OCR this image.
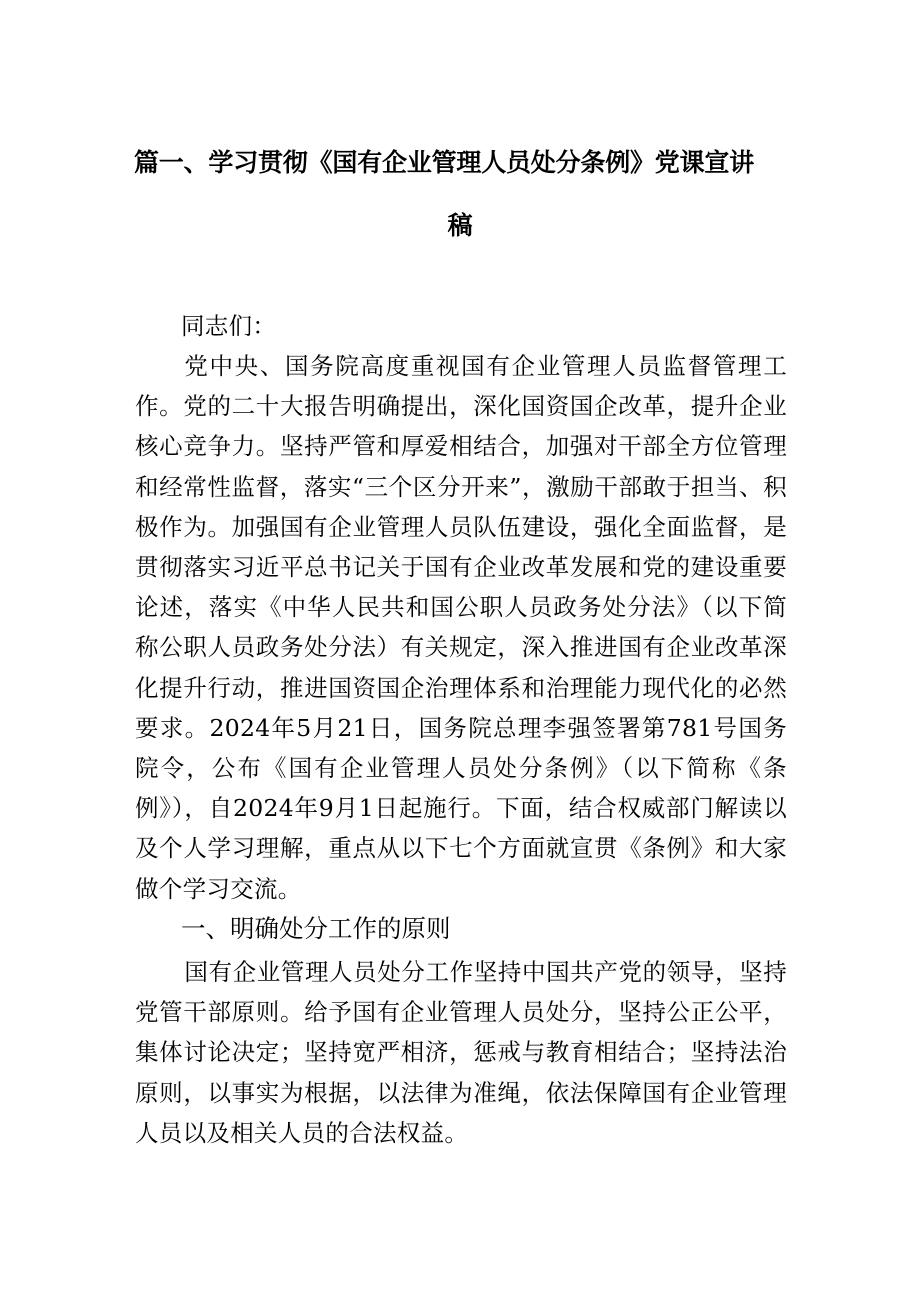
篇一、学习贯彻《国有企业管理人员处分条例》党课宣讲
稿
同志们：

党中央、国务院高度重视国有企业管理人员监督管理工作。党的二十大报告明确提出，深化国资国企改革，提升企业核心竞争力。坚持严管和厚爱相结合，加强对干部全方位管理和经常性监督，落实“三个区分开来”，激励干部敢于担当、积极作为。加强国有企业管理人员队伍建设，强化全面监督，是贯彻落实习近平总书记关于国有企业改革发展和党的建设重要论述，落实《中华人民共和国公职人员政务处分法》（以下简称公职人员政务处分法）有关规定，深入推进国有企业改革深化提升行动，推进国资国企治理体系和治理能力现代化的必然要求。2024年5月21日，国务院总理李强签署第781号国务院令，公布《国有企业管理人员处分条例》（以下简称《条例》），自2024年9月1日起施行。下面，结合权威部门解读以及个人学习理解，重点从以下七个方面就宣贯《条例》和大家做个学习交流。

一、明确处分工作的原则

国有企业管理人员处分工作坚持中国共产党的领导，坚持党管干部原则。给予国有企业管理人员处分，坚持公正公平，集体讨论决定；坚持宽严相济，惩戒与教育相结合；坚持法治原则，以事实为根据，以法律为准绳，依法保障国有企业管理人员以及相关人员的合法权益。
